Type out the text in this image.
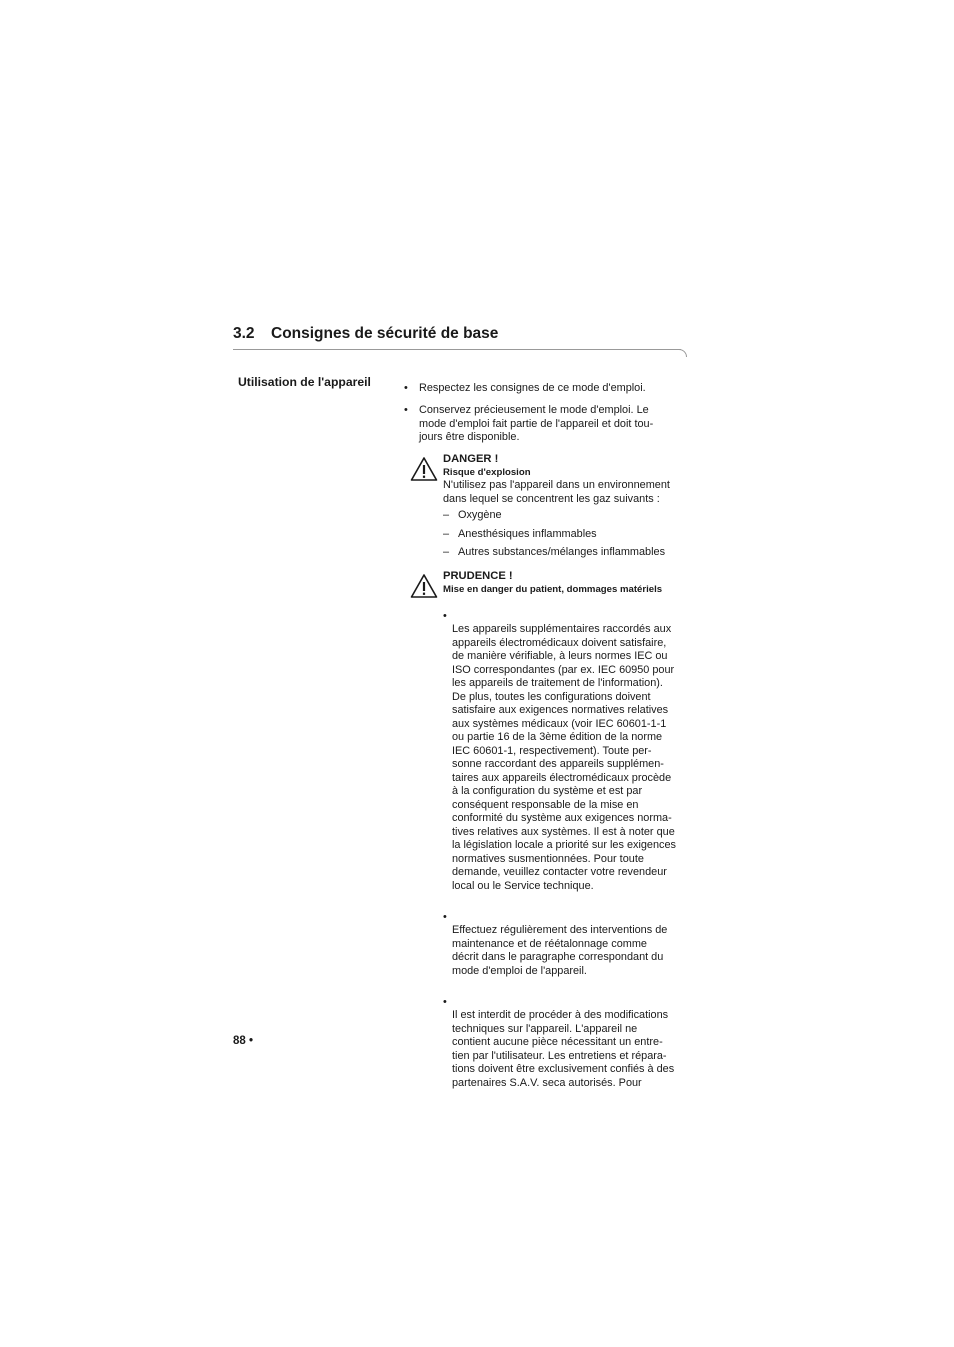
3.2 Consignes de sécurité de base
Utilisation de l'appareil	• Respectez les consignes de ce mode d'emploi.
• Conservez précieusement le mode d'emploi. Le
mode d'emploi fait partie de l'appareil et doit tou-
jours être disponible.
DANGER !
Risque d'explosion
N'utilisez pas l'appareil dans un environnement
dans lequel se concentrent les gaz suivants :
– Oxygène
– Anesthésiques inflammables
– Autres substances/mélanges inflammables
PRUDENCE !
Mise en danger du patient, dommages matériels

•

Les appareils supplémentaires raccordés aux
appareils électromédicaux doivent satisfaire,
de manière vérifiable, à leurs normes IEC ou
ISO correspondantes (par ex. IEC 60950 pour
les appareils de traitement de l'information).
De plus, toutes les configurations doivent
satisfaire aux exigences normatives relatives
aux systèmes médicaux (voir IEC 60601-1-1
ou partie 16 de la 3ème édition de la norme
IEC 60601-1, respectivement). Toute per-
sonne raccordant des appareils supplémen-
taires aux appareils électromédicaux procède
à la configuration du système et est par
conséquent responsable de la mise en
conformité du système aux exigences norma-
tives relatives aux systèmes. Il est à noter que
la législation locale a priorité sur les exigences
normatives susmentionnées. Pour toute
demande, veuillez contacter votre revendeur
local ou le Service technique.

•

Effectuez régulièrement des interventions de
maintenance et de réétalonnage comme
décrit dans le paragraphe correspondant du
mode d'emploi de l'appareil.

•

Il est interdit de procéder à des modifications
techniques sur l'appareil. L'appareil ne
contient aucune pièce nécessitant un entre-
tien par l'utilisateur. Les entretiens et répara-
tions doivent être exclusivement confiés à des
partenaires S.A.V. seca autorisés. Pour

88 •
